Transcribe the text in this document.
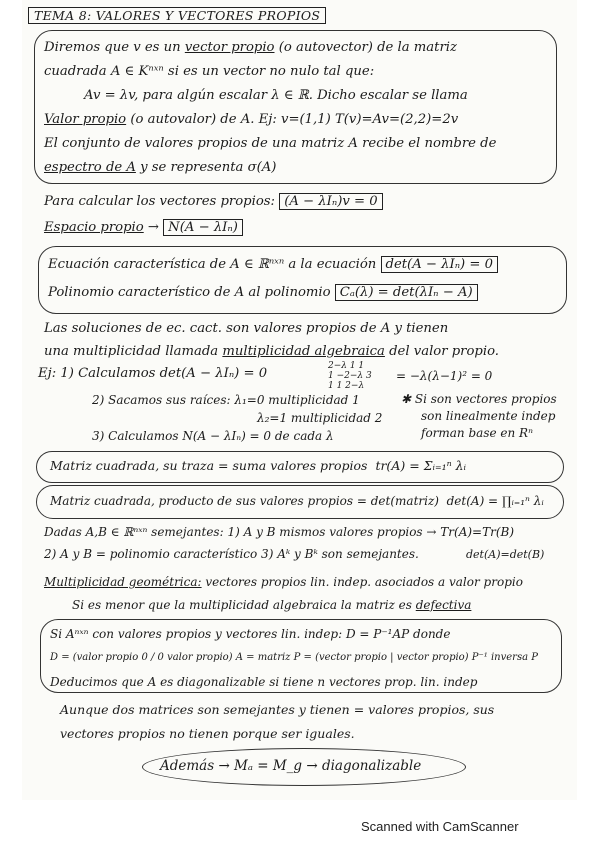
TEMA 8: VALORES Y VECTORES PROPIOS
Diremos que v es un vector propio (o autovector) de la matriz
cuadrada A ∈ Kⁿˣⁿ si es un vector no nulo tal que:
Av = λv, para algún escalar λ ∈ ℝ. Dicho escalar se llama
Valor propio (o autovalor) de A. Ej: v=(1,1) T(v)=Av=(2,2)=2v
El conjunto de valores propios de una matriz A recibe el nombre de
espectro de A y se representa σ(A)
Para calcular los vectores propios: (A − λIₙ)v = 0
Espacio propio → N(A − λIₙ)
Ecuación característica de A ∈ ℝⁿˣⁿ a la ecuación det(A − λIₙ) = 0
Polinomio característico de A al polinomio Cₐ(λ) = det(λIₙ − A)
Las soluciones de ec. cact. son valores propios de A y tienen
una multiplicidad llamada multiplicidad algebraica del valor propio.
Ej: 1) Calculamos det(A − λIₙ) = 0	2−λ 1 1
1 −2−λ 3
1 1 2−λ
= −λ(λ−1)² = 0
2) Sacamos sus raíces: λ₁=0 multiplicidad 1
λ₂=1 multiplicidad 2
3) Calculamos N(A − λIₙ) = 0 de cada λ
✱ Si son vectores propios
son linealmente indep
forman base en Rⁿ
Matriz cuadrada, su traza = suma valores propios tr(A) = Σᵢ₌₁ⁿ λᵢ
Matriz cuadrada, producto de sus valores propios = det(matriz) det(A) = ∏ᵢ₌₁ⁿ λᵢ
Dadas A,B ∈ ℝⁿˣⁿ semejantes: 1) A y B mismos valores propios → Tr(A)=Tr(B)
2) A y B = polinomio característico 3) Aᵏ y Bᵏ son semejantes.	det(A)=det(B)
Multiplicidad geométrica: vectores propios lin. indep. asociados a valor propio
Si es menor que la multiplicidad algebraica la matriz es defectiva
Si Aⁿˣⁿ con valores propios y vectores lin. indep: D = P⁻¹AP donde
D = (valor propio 0 / 0 valor propio) A = matriz P = (vector propio | vector propio) P⁻¹ inversa P
Deducimos que A es diagonalizable si tiene n vectores prop. lin. indep
Aunque dos matrices son semejantes y tienen = valores propios, sus
vectores propios no tienen porque ser iguales.
Además → Mₐ = M_g → diagonalizable
Scanned with CamScanner
